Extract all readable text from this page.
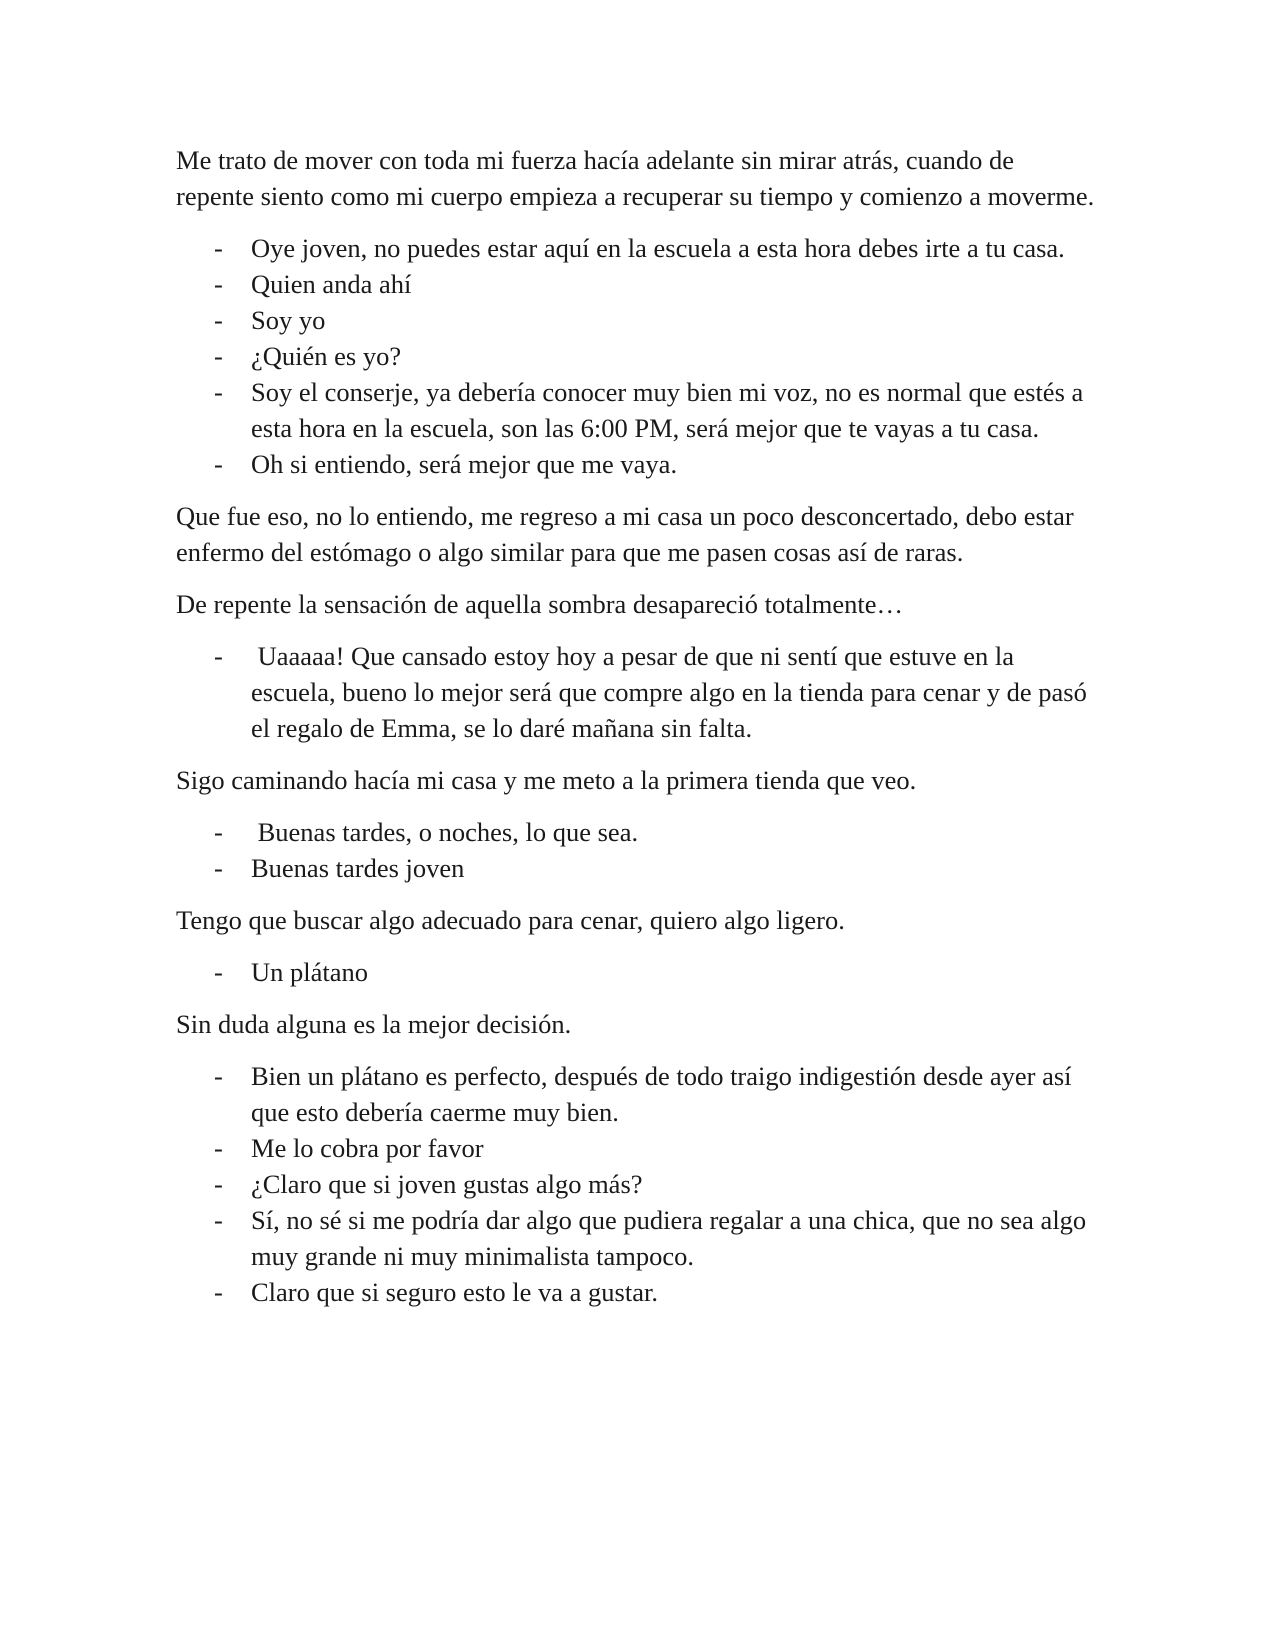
Me trato de mover con toda mi fuerza hacía adelante sin mirar atrás, cuando de repente siento como mi cuerpo empieza a recuperar su tiempo y comienzo a moverme.

- Oye joven, no puedes estar aquí en la escuela a esta hora debes irte a tu casa.
- Quien anda ahí
- Soy yo
- ¿Quién es yo?
- Soy el conserje, ya debería conocer muy bien mi voz, no es normal que estés a esta hora en la escuela, son las 6:00 PM, será mejor que te vayas a tu casa.
- Oh si entiendo, será mejor que me vaya.

Que fue eso, no lo entiendo, me regreso a mi casa un poco desconcertado, debo estar enfermo del estómago o algo similar para que me pasen cosas así de raras.

De repente la sensación de aquella sombra desapareció totalmente…

- Uaaaaa! Que cansado estoy hoy a pesar de que ni sentí que estuve en la escuela, bueno lo mejor será que compre algo en la tienda para cenar y de pasó el regalo de Emma, se lo daré mañana sin falta.

Sigo caminando hacía mi casa y me meto a la primera tienda que veo.

- Buenas tardes, o noches, lo que sea.
- Buenas tardes joven

Tengo que buscar algo adecuado para cenar, quiero algo ligero.

- Un plátano

Sin duda alguna es la mejor decisión.

- Bien un plátano es perfecto, después de todo traigo indigestión desde ayer así que esto debería caerme muy bien.
- Me lo cobra por favor
- ¿Claro que si joven gustas algo más?
- Sí, no sé si me podría dar algo que pudiera regalar a una chica, que no sea algo muy grande ni muy minimalista tampoco.
- Claro que si seguro esto le va a gustar.
